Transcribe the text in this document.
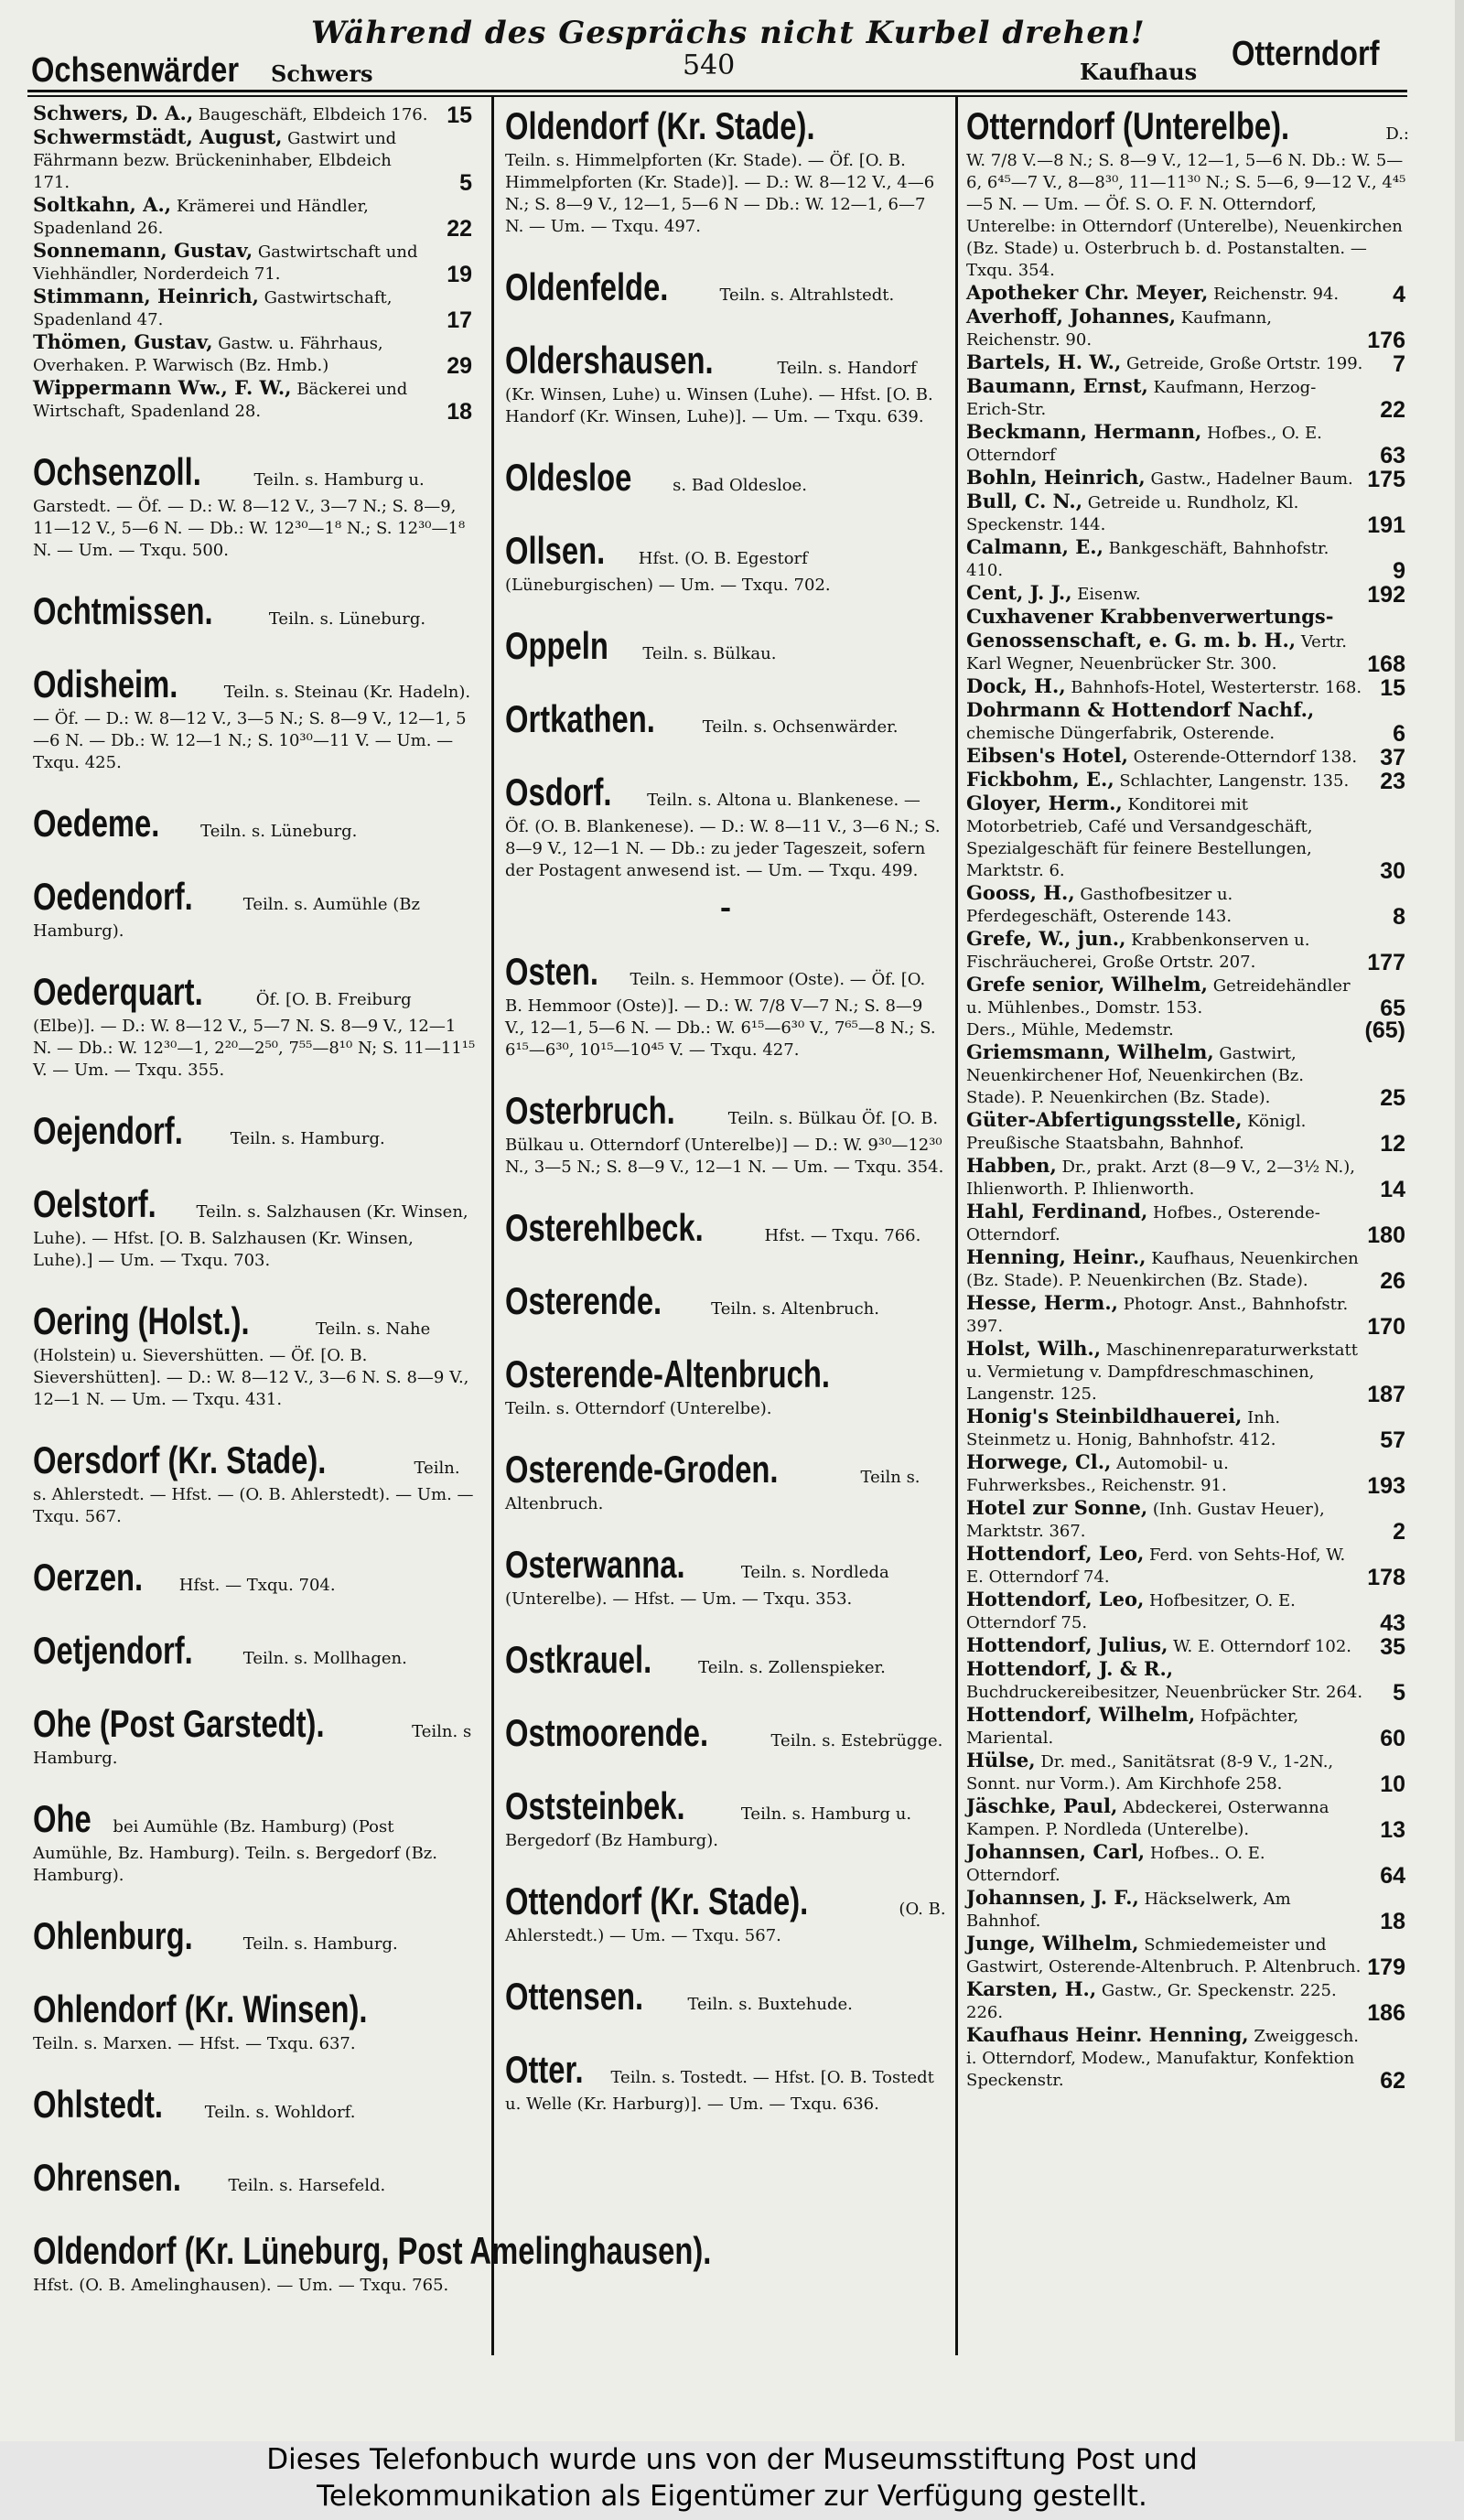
Während des Gesprächs nicht Kurbel drehen!
Ochsenwärder Schwers	540	Kaufhaus Otterndorf
Schwers, D. A., Baugeschäft, Elbdeich 176. 15
Schwermstädt, August, Gastwirt und Fährmann bezw. Brückeninhaber, Elbdeich 171.	5
Soltkahn, A., Krämerei und Händler, Spadenland 26.	22
Sonnemann, Gustav, Gastwirtschaft und Viehhändler, Norderdeich 71.	19
Stimmann, Heinrich, Gastwirtschaft, Spadenland 47.	17
Thömen, Gustav, Gastw. u. Fährhaus, Overhaken. P. Warwisch (Bz. Hmb.)	29
Wippermann Ww., F. W., Bäckerei und Wirtschaft, Spadenland 28.	18
Ochsenzoll.	Teiln. s. Hamburg u. Garstedt. — Öf. — D.: W. 8—12 V., 3—7 N.; S. 8—9, 11—12 V., 5—6 N. — Db.: W. 12³⁰—1⁸ N.; S. 12³⁰—1⁸ N. — Um. — Txqu. 500.
Ochtmissen.	Teiln. s. Lüneburg.
Odisheim.	Teiln. s. Steinau (Kr. Hadeln). — Öf. — D.: W. 8—12 V., 3—5 N.; S. 8—9 V., 12—1, 5—6 N. — Db.: W. 12—1 N.; S. 10³⁰—11 V. — Um. — Txqu. 425.
Oedeme. Teiln. s. Lüneburg.
Oedendorf.	Teiln. s. Aumühle (Bz Hamburg).
Oederquart.	Öf. [O. B. Freiburg (Elbe)]. — D.: W. 8—12 V., 5—7 N. S. 8—9 V., 12—1 N. — Db.: W. 12³⁰—1, 2²⁰—2⁵⁰, 7⁵⁵—8¹⁰ N; S. 11—11¹⁵ V. — Um. — Txqu. 355.
Oejendorf.	Teiln. s. Hamburg.
Oelstorf. Teiln. s. Salzhausen (Kr. Winsen, Luhe). — Hfst. [O. B. Salzhausen (Kr. Winsen, Luhe).] — Um. — Txqu. 703.
Oering (Holst.).	Teiln. s. Nahe (Holstein) u. Sievershütten. — Öf. [O. B. Sievershütten]. — D.: W. 8—12 V., 3—6 N. S. 8—9 V., 12—1 N. — Um. — Txqu. 431.
Oersdorf (Kr. Stade).	Teiln. s. Ahlerstedt. — Hfst. — (O. B. Ahlerstedt). — Um. — Txqu. 567.
Oerzen. Hfst. — Txqu. 704.
Oetjendorf.	Teiln. s. Mollhagen.
Ohe (Post Garstedt).	Teiln. s Hamburg.
Ohe bei Aumühle (Bz. Hamburg) (Post Aumühle, Bz. Hamburg). Teiln. s. Bergedorf (Bz. Hamburg).
Ohlenburg.	Teiln. s. Hamburg.
Ohlendorf (Kr. Winsen). Teiln. s. Marxen. — Hfst. — Txqu. 637.
Ohlstedt.	Teiln. s. Wohldorf.
Ohrensen.	Teiln. s. Harsefeld.
Oldendorf (Kr. Lüneburg, Post Amelinghausen). Hfst. (O. B. Amelinghausen). — Um. — Txqu. 765.
Oldendorf (Kr. Stade). Teiln. s. Himmelpforten (Kr. Stade). — Öf. [O. B. Himmelpforten (Kr. Stade)]. — D.: W. 8—12 V., 4—6 N.; S. 8—9 V., 12—1, 5—6 N — Db.: W. 12—1, 6—7 N. — Um. — Txqu. 497.
Oldenfelde.	Teiln. s. Altrahlstedt.
Oldershausen.	Teiln. s. Handorf (Kr. Winsen, Luhe) u. Winsen (Luhe). — Hfst. [O. B. Handorf (Kr. Winsen, Luhe)]. — Um. — Txqu. 639.
Oldesloe s. Bad Oldesloe.
Ollsen. Hfst. (O. B. Egestorf (Lüneburgischen) — Um. — Txqu. 702.
Oppeln Teiln. s. Bülkau.
Ortkathen.	Teiln. s. Ochsenwärder.
Osdorf. Teiln. s. Altona u. Blankenese. — Öf. (O. B. Blankenese). — D.: W. 8—11 V., 3—6 N.; S. 8—9 V., 12—1 N. — Db.: zu jeder Tageszeit, sofern der Postagent anwesend ist. — Um. — Txqu. 499.
-
Osten. Teiln. s. Hemmoor (Oste). — Öf. [O. B. Hemmoor (Oste)]. — D.: W. 7/8 V—7 N.; S. 8—9 V., 12—1, 5—6 N. — Db.: W. 6¹⁵—6³⁰ V., 7⁶⁵—8 N.; S. 6¹⁵—6³⁰, 10¹⁵—10⁴⁵ V. — Txqu. 427.
Osterbruch.	Teiln. s. Bülkau Öf. [O. B. Bülkau u. Otterndorf (Unterelbe)] — D.: W. 9³⁰—12³⁰ N., 3—5 N.; S. 8—9 V., 12—1 N. — Um. — Txqu. 354.
Osterehlbeck.	Hfst. — Txqu. 766.
Osterende.	Teiln. s. Altenbruch.
Osterende-Altenbruch. Teiln. s. Otterndorf (Unterelbe).
Osterende-Groden.	Teiln s. Altenbruch.
Osterwanna.	Teiln. s. Nordleda (Unterelbe). — Hfst. — Um. — Txqu. 353.
Ostkrauel.	Teiln. s. Zollenspieker.
Ostmoorende.	Teiln. s. Estebrügge.
Oststeinbek.	Teiln. s. Hamburg u. Bergedorf (Bz Hamburg).
Ottendorf (Kr. Stade).	(O. B. Ahlerstedt.) — Um. — Txqu. 567.
Ottensen.	Teiln. s. Buxtehude.
Otter. Teiln. s. Tostedt. — Hfst. [O. B. Tostedt u. Welle (Kr. Harburg)]. — Um. — Txqu. 636.
Otterndorf (Unterelbe).	D.: W. 7/8 V.—8 N.; S. 8—9 V., 12—1, 5—6 N. Db.: W. 5—6, 6⁴⁵—7 V., 8—8³⁰, 11—11³⁰ N.; S. 5—6, 9—12 V., 4⁴⁵—5 N. — Um. — Öf. S. O. F. N. Otterndorf, Unterelbe: in Otterndorf (Unterelbe), Neuenkirchen (Bz. Stade) u. Osterbruch b. d. Postanstalten. — Txqu. 354.
Apotheker Chr. Meyer, Reichenstr. 94. 4
Averhoff, Johannes, Kaufmann, Reichenstr. 90.	176
Bartels, H. W., Getreide, Große Ortstr. 199. 7
Baumann, Ernst, Kaufmann, Herzog-Erich-Str.	22
Beckmann, Hermann, Hofbes., O. E. Otterndorf	63
Bohln, Heinrich, Gastw., Hadelner Baum. 175
Bull, C. N., Getreide u. Rundholz, Kl. Speckenstr. 144.	191
Calmann, E., Bankgeschäft, Bahnhofstr. 410.	9
Cent, J. J., Eisenw.	192
Cuxhavener Krabbenverwertungs-Genossenschaft, e. G. m. b. H., Vertr. Karl Wegner, Neuenbrücker Str. 300.	168
Dock, H., Bahnhofs-Hotel, Westerterstr. 168. 15
Dohrmann & Hottendorf Nachf., chemische Düngerfabrik, Osterende.	6
Eibsen's Hotel, Osterende-Otterndorf 138. 37
Fickbohm, E., Schlachter, Langenstr. 135. 23
Gloyer, Herm., Konditorei mit Motorbetrieb, Café und Versandgeschäft, Spezialgeschäft für feinere Bestellungen, Marktstr. 6.	30
Gooss, H., Gasthofbesitzer u. Pferdegeschäft, Osterende 143.	8
Grefe, W., jun., Krabbenkonserven u. Fischräucherei, Große Ortstr. 207.	177
Grefe senior, Wilhelm, Getreidehändler u. Mühlenbes., Domstr. 153.	65
Ders., Mühle, Medemstr.	(65)
Griemsmann, Wilhelm, Gastwirt, Neuenkirchener Hof, Neuenkirchen (Bz. Stade). P. Neuenkirchen (Bz. Stade).	25
Güter-Abfertigungsstelle, Königl. Preußische Staatsbahn, Bahnhof.	12
Habben, Dr., prakt. Arzt (8—9 V., 2—3½ N.), Ihlienworth. P. Ihlienworth.	14
Hahl, Ferdinand, Hofbes., Osterende-Otterndorf.	180
Henning, Heinr., Kaufhaus, Neuenkirchen (Bz. Stade). P. Neuenkirchen (Bz. Stade).	26
Hesse, Herm., Photogr. Anst., Bahnhofstr. 397.	170
Holst, Wilh., Maschinenreparaturwerkstatt u. Vermietung v. Dampfdreschmaschinen, Langenstr. 125.	187
Honig's Steinbildhauerei, Inh. Steinmetz u. Honig, Bahnhofstr. 412.	57
Horwege, Cl., Automobil- u. Fuhrwerksbes., Reichenstr. 91.	193
Hotel zur Sonne, (Inh. Gustav Heuer), Marktstr. 367.	2
Hottendorf, Leo, Ferd. von Sehts-Hof, W. E. Otterndorf 74.	178
Hottendorf, Leo, Hofbesitzer, O. E. Otterndorf 75.	43
Hottendorf, Julius, W. E. Otterndorf 102. 35
Hottendorf, J. & R., Buchdruckereibesitzer, Neuenbrücker Str. 264. 5
Hottendorf, Wilhelm, Hofpächter, Mariental.	60
Hülse, Dr. med., Sanitätsrat (8-9 V., 1-2N., Sonnt. nur Vorm.). Am Kirchhofe 258.	10
Jäschke, Paul, Abdeckerei, Osterwanna Kampen. P. Nordleda (Unterelbe).	13
Johannsen, Carl, Hofbes.. O. E. Otterndorf.	64
Johannsen, J. F., Häckselwerk, Am Bahnhof.	18
Junge, Wilhelm, Schmiedemeister und Gastwirt, Osterende-Altenbruch. P. Altenbruch. 179
Karsten, H., Gastw., Gr. Speckenstr. 225. 226.	186
Kaufhaus Heinr. Henning, Zweiggesch. i. Otterndorf, Modew., Manufaktur, Konfektion Speckenstr.	62
Dieses Telefonbuch wurde uns von der Museumsstiftung Post und
Telekommunikation als Eigentümer zur Verfügung gestellt.
